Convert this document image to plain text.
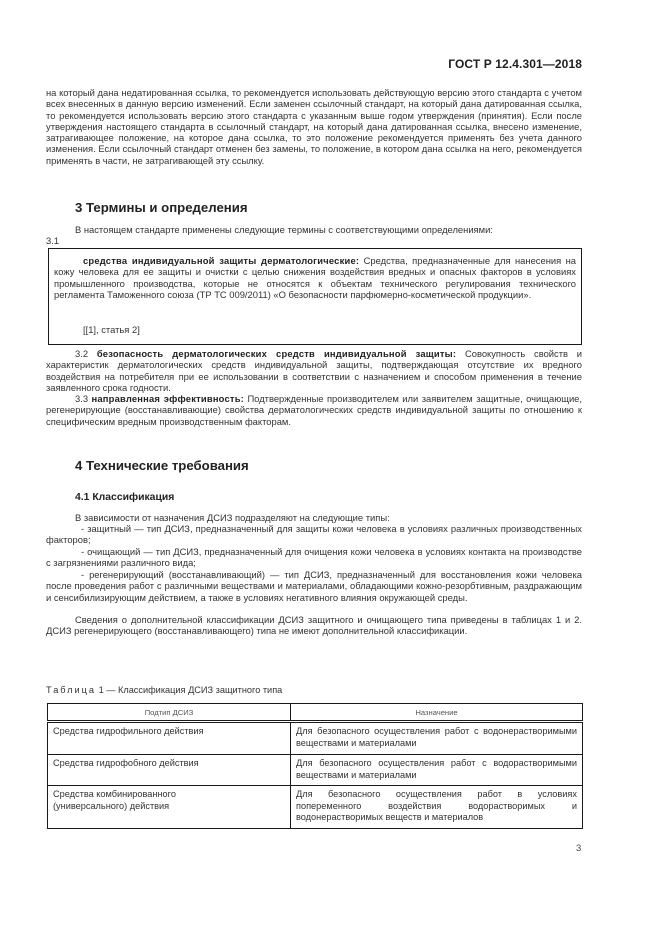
ГОСТ Р 12.4.301—2018

на который дана недатированная ссылка, то рекомендуется использовать действующую версию этого стандарта с учетом всех внесенных в данную версию изменений. Если заменен ссылочный стандарт, на который дана датированная ссылка, то рекомендуется использовать версию этого стандарта с указанным выше годом утверждения (принятия). Если после утверждения настоящего стандарта в ссылочный стандарт, на который дана датированная ссылка, внесено изменение, затрагивающее положение, на которое дана ссылка, то это положение рекомендуется применять без учета данного изменения. Если ссылочный стандарт отменен без замены, то положение, в котором дана ссылка на него, рекомендуется применять в части, не затрагивающей эту ссылку.

3 Термины и определения

В настоящем стандарте применены следующие термины с соответствующими определениями:
3.1

средства индивидуальной защиты дерматологические: Средства, предназначенные для нанесения на кожу человека для ее защиты и очистки с целью снижения воздействия вредных и опасных факторов в условиях промышленного производства, которые не относятся к объектам технического регулирования технического регламента Таможенного союза (ТР ТС 009/2011) «О безопасности парфюмерно-косметической продукции».

[[1], статья 2]

3.2 безопасность дерматологических средств индивидуальной защиты: Совокупность свойств и характеристик дерматологических средств индивидуальной защиты, подтверждающая отсутствие их вредного воздействия на потребителя при ее использовании в соответствии с назначением и способом применения в течение заявленного срока годности.

3.3 направленная эффективность: Подтвержденные производителем или заявителем защитные, очищающие, регенерирующие (восстанавливающие) свойства дерматологических средств индивидуальной защиты по отношению к специфическим вредным производственным факторам.

4 Технические требования
4.1 Классификация

В зависимости от назначения ДСИЗ подразделяют на следующие типы:

- защитный — тип ДСИЗ, предназначенный для защиты кожи человека в условиях различных производственных факторов;

- очищающий — тип ДСИЗ, предназначенный для очищения кожи человека в условиях контакта на производстве с загрязнениями различного вида;

- регенерирующий (восстанавливающий) — тип ДСИЗ, предназначенный для восстановления кожи человека после проведения работ с различными веществами и материалами, обладающими кожно-резорбтивным, раздражающим и сенсибилизирующим действием, а также в условиях негативного влияния окружающей среды.

Сведения о дополнительной классификации ДСИЗ защитного и очищающего типа приведены в таблицах 1 и 2. ДСИЗ регенерирующего (восстанавливающего) типа не имеют дополнительной классификации.

Таблица 1 — Классификация ДСИЗ защитного типа
Подтип ДСИЗ	Назначение
Средства гидрофильного действия	Для безопасного осуществления работ с водонерастворимыми веществами и материалами
Средства гидрофобного действия	Для безопасного осуществления работ с водорастворимыми веществами и материалами
Средства комбинированного (универсального) действия	Для безопасного осуществления работ в условиях попеременного воздействия водорастворимых и водонерастворимых веществ и материалов
3
